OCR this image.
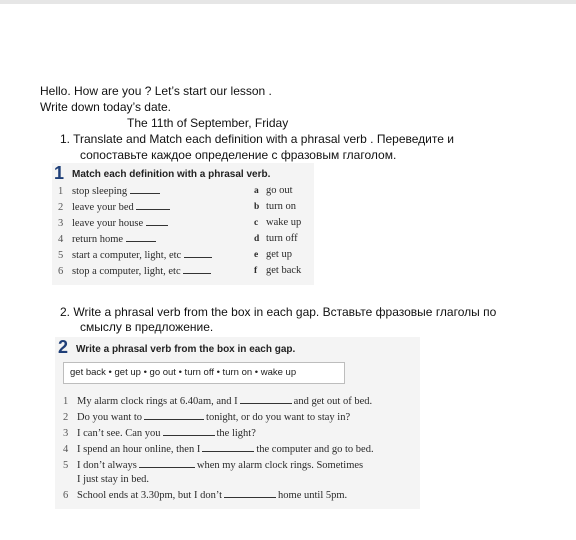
Hello. How are you ? Let’s start our lesson .
Write down today’s date.
The 11th of September, Friday
1. Translate and Match each definition with a phrasal verb . Переведите и
сопоставьте каждое определение с фразовым глаголом.
1 Match each definition with a phrasal verb.
1 stop sleeping	a go out
2 leave your bed	b turn on
3 leave your house	c wake up
4 return home	d turn off
5 start a computer, light, etc	e get up
6 stop a computer, light, etc	f get back
2. Write a phrasal verb from the box in each gap. Вставьте фразовые глаголы по
смыслу в предложение.
2 Write a phrasal verb from the box in each gap.
get back • get up • go out • turn off • turn on • wake up
1 My alarm clock rings at 6.40am, and I	and get out of bed.
2 Do you want to	tonight, or do you want to stay in?
3 I can’t see. Can you	the light?
4 I spend an hour online, then I	the computer and go to bed.
5 I don’t always	when my alarm clock rings. Sometimes
I just stay in bed.
6 School ends at 3.30pm, but I don’t	home until 5pm.
